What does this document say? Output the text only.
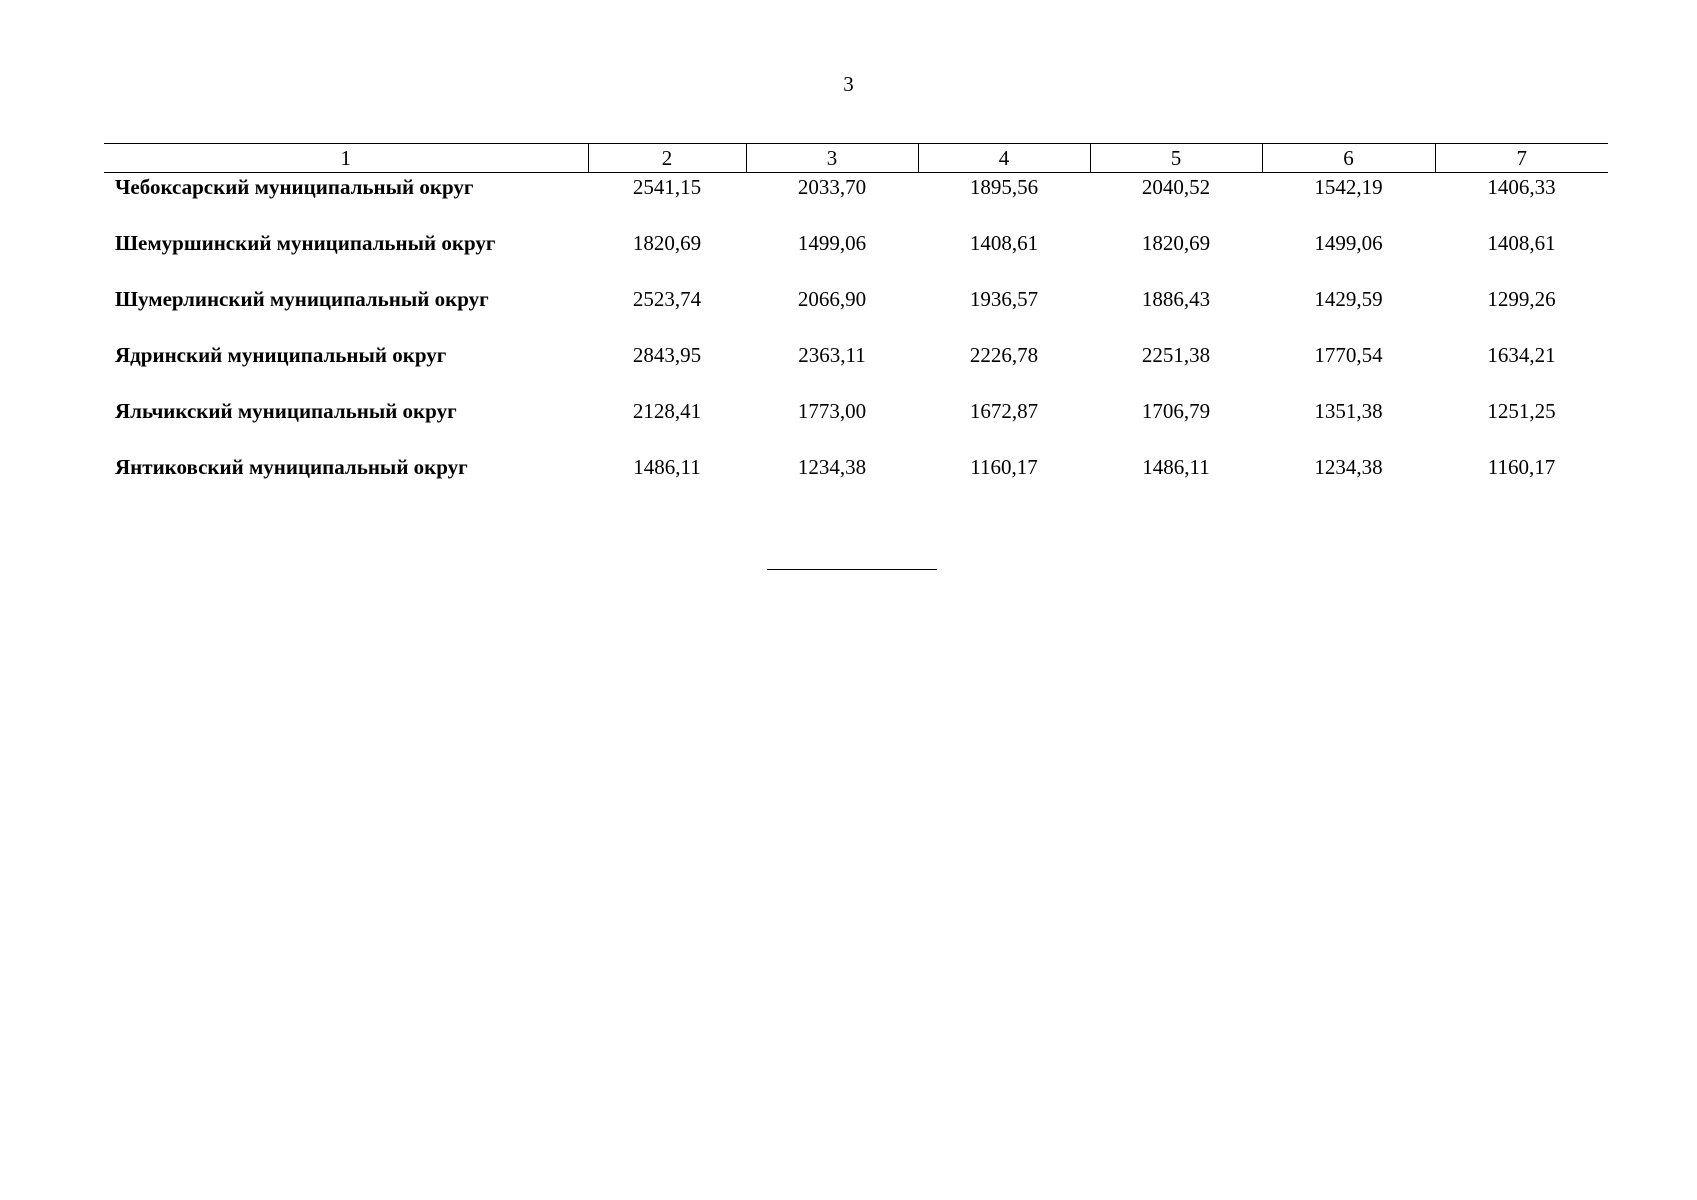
3
1	2	3	4	5	6	7
Чебоксарский муниципальный округ	2541,15	2033,70	1895,56	2040,52	1542,19	1406,33
Шемуршинский муниципальный округ	1820,69	1499,06	1408,61	1820,69	1499,06	1408,61
Шумерлинский муниципальный округ	2523,74	2066,90	1936,57	1886,43	1429,59	1299,26
Ядринский муниципальный округ	2843,95	2363,11	2226,78	2251,38	1770,54	1634,21
Яльчикский муниципальный округ	2128,41	1773,00	1672,87	1706,79	1351,38	1251,25
Янтиковский муниципальный округ	1486,11	1234,38	1160,17	1486,11	1234,38	1160,17
